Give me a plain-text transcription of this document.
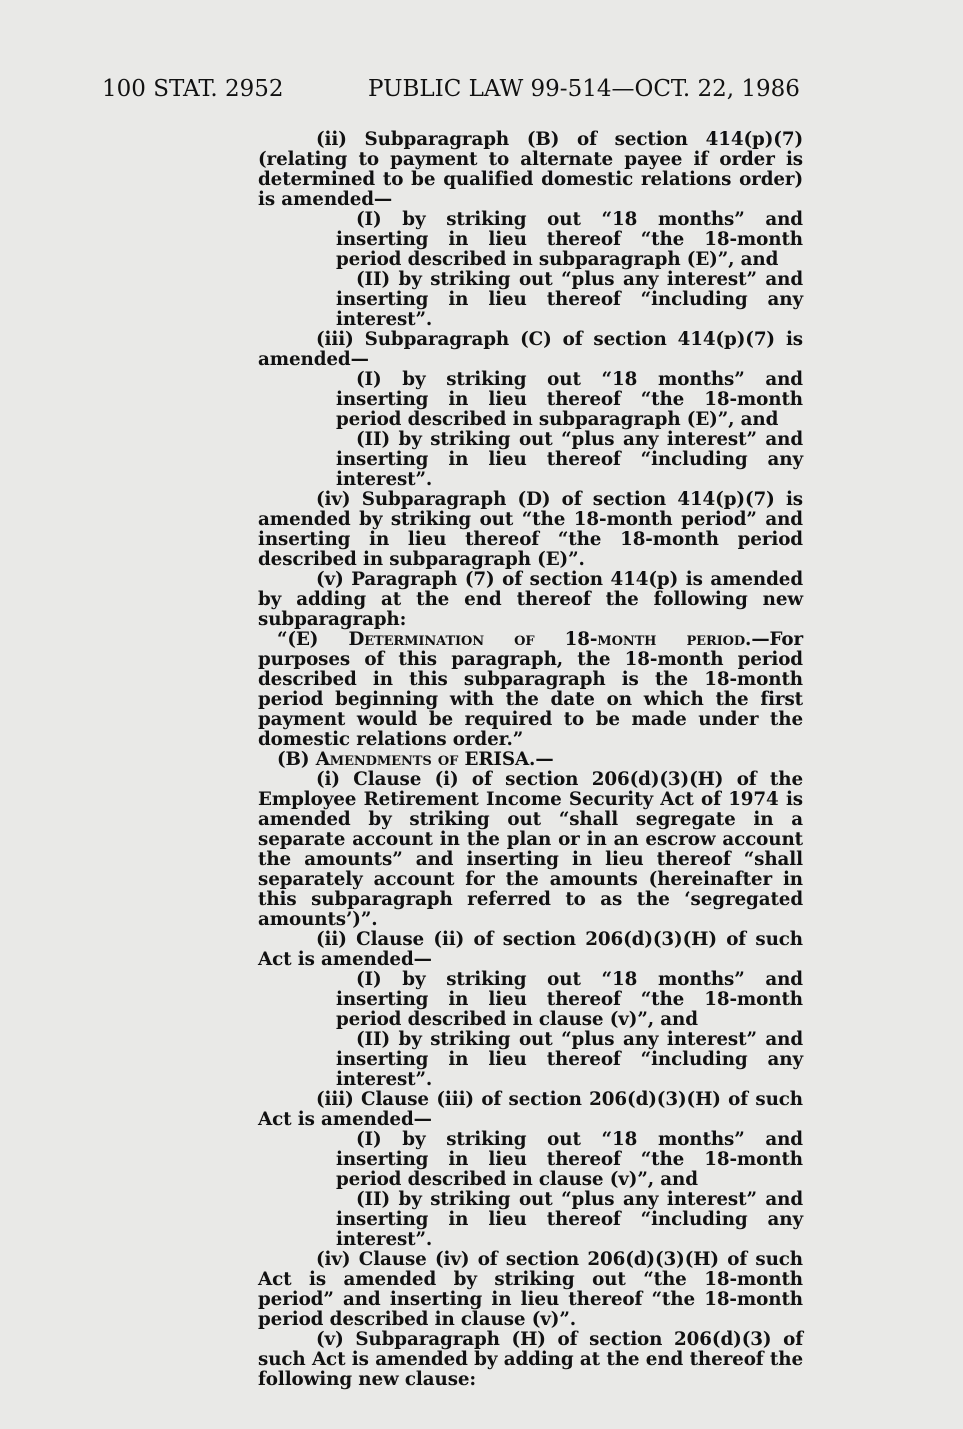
100 STAT. 2952	PUBLIC LAW 99-514—OCT. 22, 1986

(ii) Subparagraph (B) of section 414(p)(7) (relating to payment to alternate payee if order is determined to be qualified domestic relations order) is amended—

(I) by striking out “18 months” and inserting in lieu thereof “the 18-month period described in subparagraph (E)”, and

(II) by striking out “plus any interest” and inserting in lieu thereof “including any interest”.

(iii) Subparagraph (C) of section 414(p)(7) is amended—

(I) by striking out “18 months” and inserting in lieu thereof “the 18-month period described in subparagraph (E)”, and

(II) by striking out “plus any interest” and inserting in lieu thereof “including any interest”.

(iv) Subparagraph (D) of section 414(p)(7) is amended by striking out “the 18-month period” and inserting in lieu thereof “the 18-month period described in subparagraph (E)”.

(v) Paragraph (7) of section 414(p) is amended by adding at the end thereof the following new subparagraph:

“(E) Determination of 18-month period.—For purposes of this paragraph, the 18-month period described in this subparagraph is the 18-month period beginning with the date on which the first payment would be required to be made under the domestic relations order.”

(B) Amendments of ERISA.—

(i) Clause (i) of section 206(d)(3)(H) of the Employee Retirement Income Security Act of 1974 is amended by striking out “shall segregate in a separate account in the plan or in an escrow account the amounts” and inserting in lieu thereof “shall separately account for the amounts (hereinafter in this subparagraph referred to as the ‘segregated amounts’)”.

(ii) Clause (ii) of section 206(d)(3)(H) of such Act is amended—

(I) by striking out “18 months” and inserting in lieu thereof “the 18-month period described in clause (v)”, and

(II) by striking out “plus any interest” and inserting in lieu thereof “including any interest”.

(iii) Clause (iii) of section 206(d)(3)(H) of such Act is amended—

(I) by striking out “18 months” and inserting in lieu thereof “the 18-month period described in clause (v)”, and

(II) by striking out “plus any interest” and inserting in lieu thereof “including any interest”.

(iv) Clause (iv) of section 206(d)(3)(H) of such Act is amended by striking out “the 18-month period” and inserting in lieu thereof “the 18-month period described in clause (v)”.

(v) Subparagraph (H) of section 206(d)(3) of such Act is amended by adding at the end thereof the following new clause:
